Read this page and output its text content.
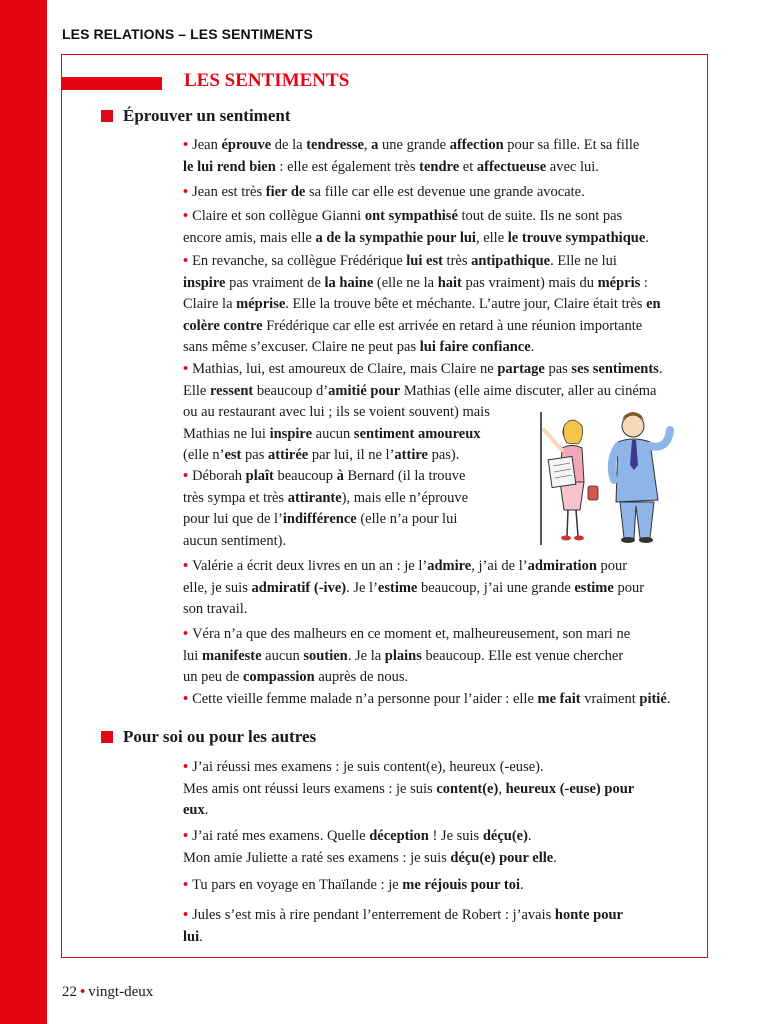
LES RELATIONS – LES SENTIMENTS
LES SENTIMENTS
Éprouver un sentiment

• Jean éprouve de la tendresse, a une grande affection pour sa fille. Et sa fille
le lui rend bien : elle est également très tendre et affectueuse avec lui.

• Jean est très fier de sa fille car elle est devenue une grande avocate.

• Claire et son collègue Gianni ont sympathisé tout de suite. Ils ne sont pas
encore amis, mais elle a de la sympathie pour lui, elle le trouve sympathique.

• En revanche, sa collègue Frédérique lui est très antipathique. Elle ne lui
inspire pas vraiment de la haine (elle ne la hait pas vraiment) mais du mépris :
Claire la méprise. Elle la trouve bête et méchante. L’autre jour, Claire était très en
colère contre Frédérique car elle est arrivée en retard à une réunion importante
sans même s’excuser. Claire ne peut pas lui faire confiance.

• Mathias, lui, est amoureux de Claire, mais Claire ne partage pas ses sentiments.
Elle ressent beaucoup d’amitié pour Mathias (elle aime discuter, aller au cinéma
ou au restaurant avec lui ; ils se voient souvent) mais
Mathias ne lui inspire aucun sentiment amoureux
(elle n’est pas attirée par lui, il ne l’attire pas).

• Déborah plaît beaucoup à Bernard (il la trouve
très sympa et très attirante), mais elle n’éprouve
pour lui que de l’indifférence (elle n’a pour lui
aucun sentiment).

• Valérie a écrit deux livres en un an : je l’admire, j’ai de l’admiration pour
elle, je suis admiratif (-ive). Je l’estime beaucoup, j’ai une grande estime pour
son travail.

• Véra n’a que des malheurs en ce moment et, malheureusement, son mari ne
lui manifeste aucun soutien. Je la plains beaucoup. Elle est venue chercher
un peu de compassion auprès de nous.

• Cette vieille femme malade n’a personne pour l’aider : elle me fait vraiment pitié.

Pour soi ou pour les autres

• J’ai réussi mes examens : je suis content(e), heureux (-euse).
Mes amis ont réussi leurs examens : je suis content(e), heureux (-euse) pour
eux.

• J’ai raté mes examens. Quelle déception ! Je suis déçu(e).
Mon amie Juliette a raté ses examens : je suis déçu(e) pour elle.

• Tu pars en voyage en Thaïlande : je me réjouis pour toi.

• Jules s’est mis à rire pendant l’enterrement de Robert : j’avais honte pour
lui.

22 • vingt-deux
